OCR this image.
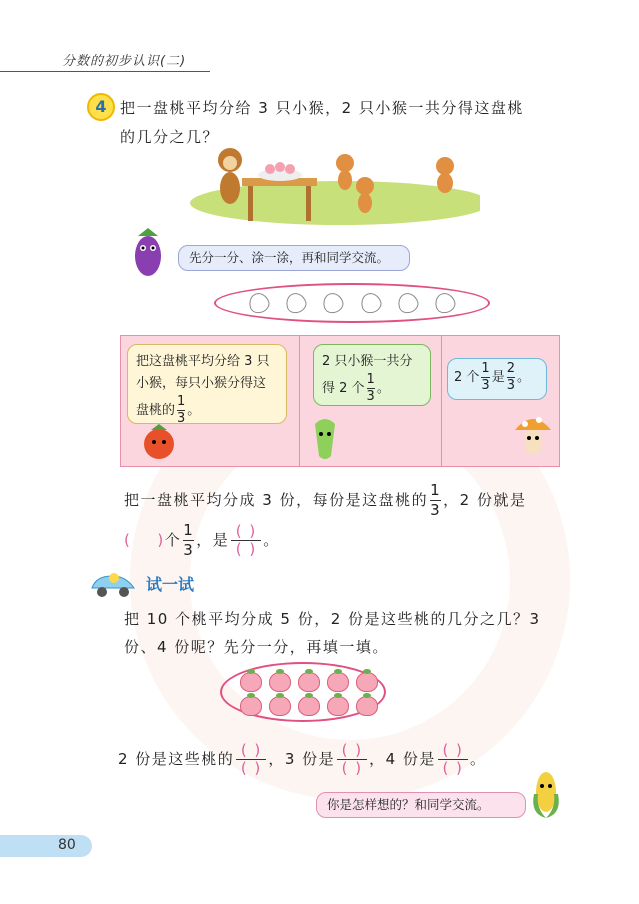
分数的初步认识(二)
4 把一盘桃平均分给 3 只小猴，2 只小猴一共分得这盘桃
的几分之几？
先分一分、涂一涂，再和同学交流。
把这盘桃平均分给 3 只
小猴，每只小猴分得这
盘桃的 $\frac{1}{3}$ 。
2 只小猴一共分
得 2 个 $\frac{1}{3}$ 。
2 个 $\frac{1}{3}$ 是 $\frac{2}{3}$ 。
把一盘桃平均分成 3 份，每份是这盘桃的 $\frac{1}{3}$ ，2 份就是
( )个 $\frac{1}{3}$ ，是 ( )
( ) 。
试一试
把 10 个桃平均分成 5 份，2 份是这些桃的几分之几？3
份、4 份呢？先分一分，再填一填。
2 份是这些桃的 ( )
( ) ，3 份是 ( )
( ) ，4 份是 ( )
( ) 。
你是怎样想的？和同学交流。
80
